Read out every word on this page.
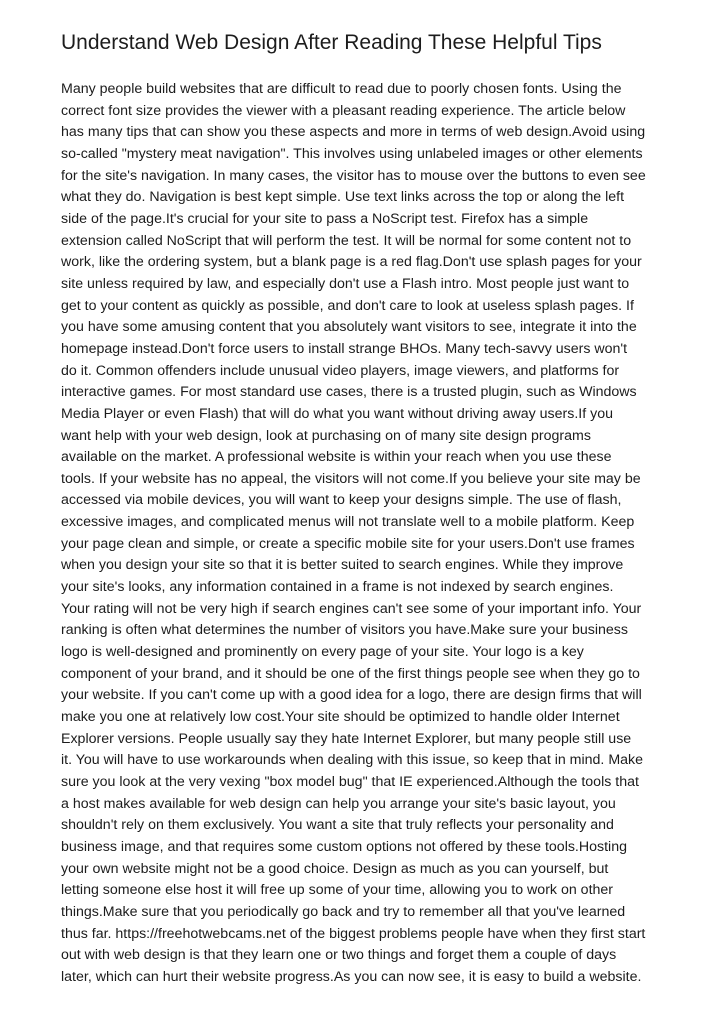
Understand Web Design After Reading These Helpful Tips
Many people build websites that are difficult to read due to poorly chosen fonts. Using the
correct font size provides the viewer with a pleasant reading experience. The article below
has many tips that can show you these aspects and more in terms of web design.Avoid using
so-called "mystery meat navigation". This involves using unlabeled images or other elements
for the site's navigation. In many cases, the visitor has to mouse over the buttons to even see
what they do. Navigation is best kept simple. Use text links across the top or along the left
side of the page.It's crucial for your site to pass a NoScript test. Firefox has a simple
extension called NoScript that will perform the test. It will be normal for some content not to
work, like the ordering system, but a blank page is a red flag.Don't use splash pages for your
site unless required by law, and especially don't use a Flash intro. Most people just want to
get to your content as quickly as possible, and don't care to look at useless splash pages. If
you have some amusing content that you absolutely want visitors to see, integrate it into the
homepage instead.Don't force users to install strange BHOs. Many tech-savvy users won't
do it. Common offenders include unusual video players, image viewers, and platforms for
interactive games. For most standard use cases, there is a trusted plugin, such as Windows
Media Player or even Flash) that will do what you want without driving away users.If you
want help with your web design, look at purchasing on of many site design programs
available on the market. A professional website is within your reach when you use these
tools. If your website has no appeal, the visitors will not come.If you believe your site may be
accessed via mobile devices, you will want to keep your designs simple. The use of flash,
excessive images, and complicated menus will not translate well to a mobile platform. Keep
your page clean and simple, or create a specific mobile site for your users.Don't use frames
when you design your site so that it is better suited to search engines. While they improve
your site's looks, any information contained in a frame is not indexed by search engines.
Your rating will not be very high if search engines can't see some of your important info. Your
ranking is often what determines the number of visitors you have.Make sure your business
logo is well-designed and prominently on every page of your site. Your logo is a key
component of your brand, and it should be one of the first things people see when they go to
your website. If you can't come up with a good idea for a logo, there are design firms that will
make you one at relatively low cost.Your site should be optimized to handle older Internet
Explorer versions. People usually say they hate Internet Explorer, but many people still use
it. You will have to use workarounds when dealing with this issue, so keep that in mind. Make
sure you look at the very vexing "box model bug" that IE experienced.Although the tools that
a host makes available for web design can help you arrange your site's basic layout, you
shouldn't rely on them exclusively. You want a site that truly reflects your personality and
business image, and that requires some custom options not offered by these tools.Hosting
your own website might not be a good choice. Design as much as you can yourself, but
letting someone else host it will free up some of your time, allowing you to work on other
things.Make sure that you periodically go back and try to remember all that you've learned
thus far. https://freehotwebcams.net of the biggest problems people have when they first start
out with web design is that they learn one or two things and forget them a couple of days
later, which can hurt their website progress.As you can now see, it is easy to build a website.
